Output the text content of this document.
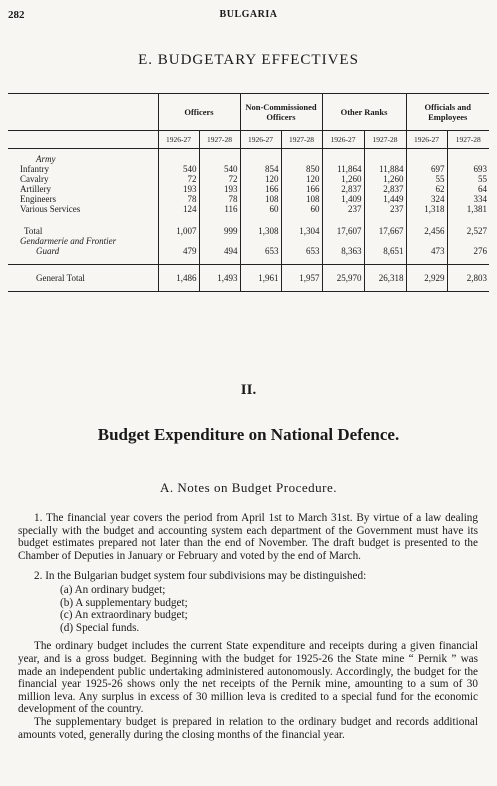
282	BULGARIA
E. BUDGETARY EFFECTIVES
	Officers		Non-Commissioned Officers		Other Ranks		Officials and Employees	
	1926-27	1927-28	1926-27	1927-28	1926-27	1927-28	1926-27	1927-28
Army								
Infantry	540	540	854	850	11,864	11,884	697	693
Cavalry	72	72	120	120	1,260	1,260	55	55
Artillery	193	193	166	166	2,837	2,837	62	64
Engineers	78	78	108	108	1,409	1,449	324	334
Various Services	124	116	60	60	237	237	1,318	1,381
Total	1,007	999	1,308	1,304	17,607	17,667	2,456	2,527
Gendarmerie and Frontier								
Guard	479	494	653	653	8,363	8,651	473	276
General Total	1,486	1,493	1,961	1,957	25,970	26,318	2,929	2,803
II.
Budget Expenditure on National Defence.
A. Notes on Budget Procedure.

1. The financial year covers the period from April 1st to March 31st. By virtue of a law dealing specially with the budget and accounting system each department of the Government must have its budget estimates prepared not later than the end of November. The draft budget is presented to the Chamber of Deputies in January or February and voted by the end of March.

2. In the Bulgarian budget system four subdivisions may be distinguished:

(a) An ordinary budget;
(b) A supplementary budget;
(c) An extraordinary budget;
(d) Special funds.

The ordinary budget includes the current State expenditure and receipts during a given financial year, and is a gross budget. Beginning with the budget for 1925-26 the State mine “ Pernik ” was made an independent public undertaking administered autonomously. Accordingly, the budget for the financial year 1925-26 shows only the net receipts of the Pernik mine, amounting to a sum of 30 million leva. Any surplus in excess of 30 million leva is credited to a special fund for the economic development of the country.

The supplementary budget is prepared in relation to the ordinary budget and records additional amounts voted, generally during the closing months of the financial year.
